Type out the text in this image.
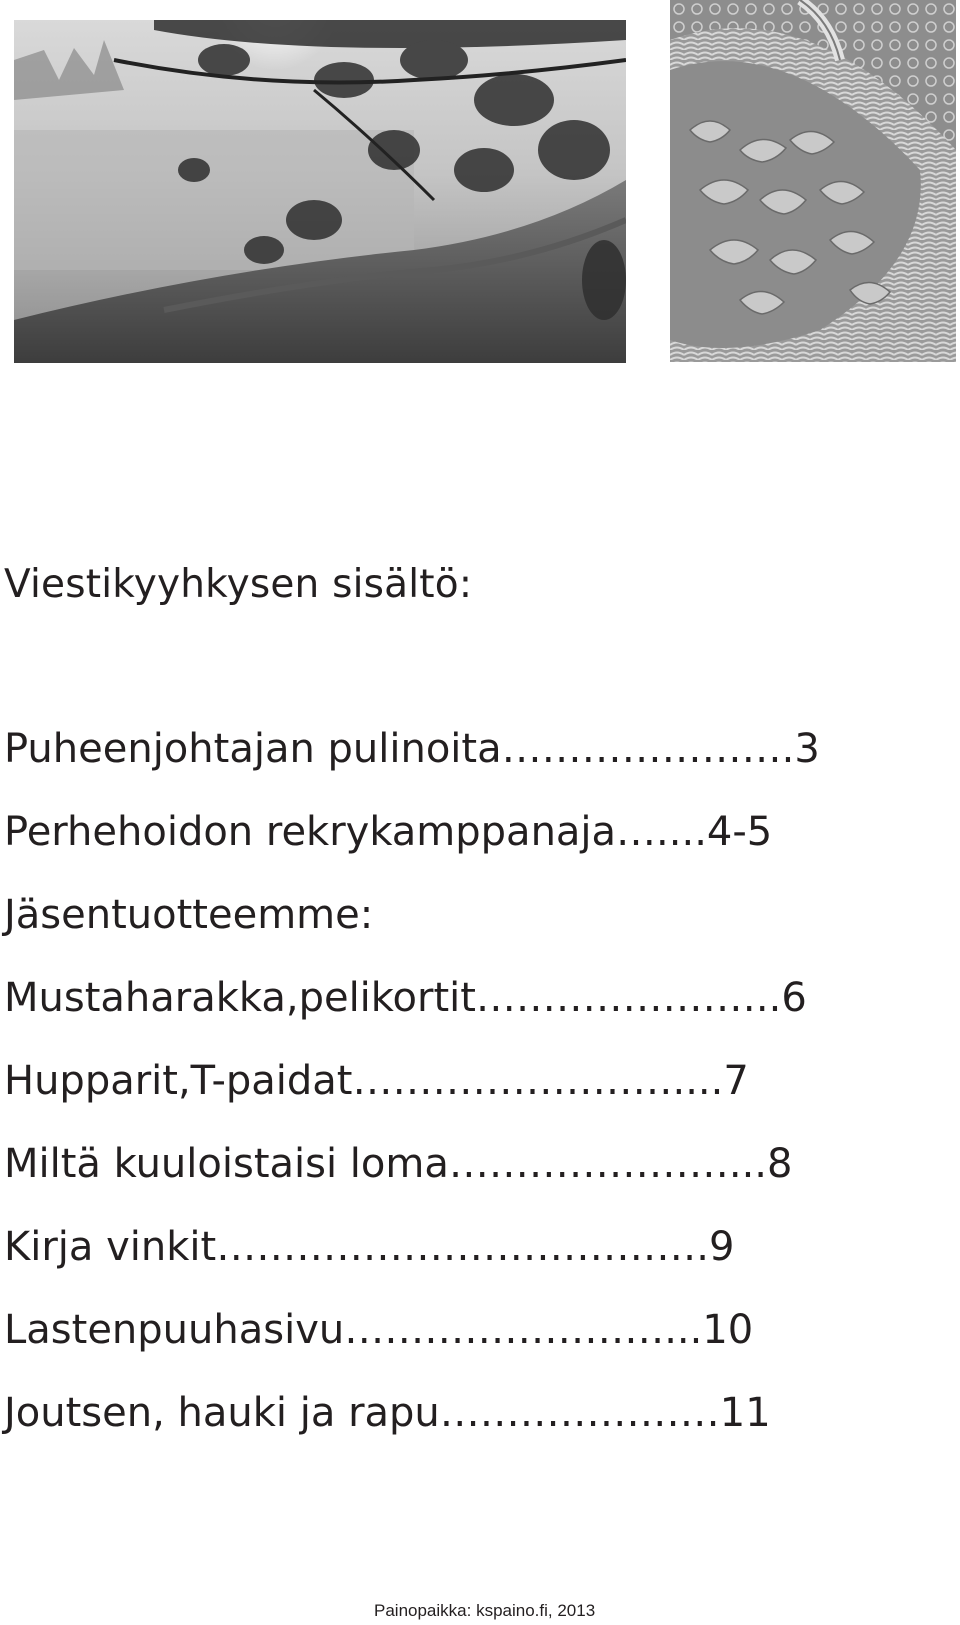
Viestikyyhkysen sisältö:
Puheenjohtajan pulinoita………………….3
Perhehoidon rekrykamppanaja…....4-5
Jäsentuotteemme:
Mustaharakka,pelikortit…………………..6
Hupparit,T-paidat……………………....7
Miltä kuuloistaisi loma…………………...8
Kirja vinkit……………………………….9
Lastenpuuhasivu……………………...10
Joutsen, hauki ja rapu…………………11
Painopaikka: kspaino.fi, 2013
